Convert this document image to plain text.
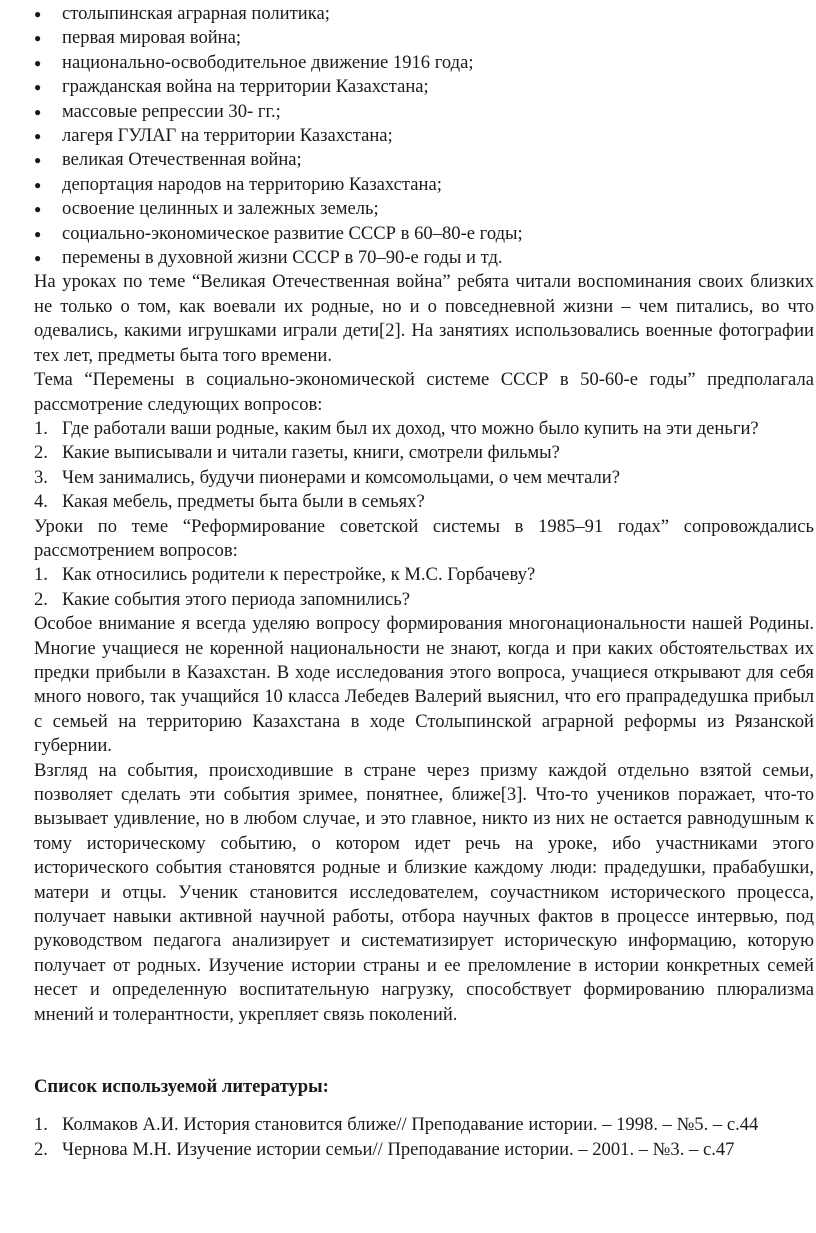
● столыпинская аграрная политика;
● первая мировая война;
● национально-освободительное движение 1916 года;
● гражданская война на территории Казахстана;
● массовые репрессии 30- гг.;
● лагеря ГУЛАГ на территории Казахстана;
● великая Отечественная война;
● депортация народов на территорию Казахстана;
● освоение целинных и залежных земель;
● социально-экономическое развитие СССР в 60–80-е годы;
● перемены в духовной жизни СССР в 70–90-е годы и тд.

На уроках по теме “Великая Отечественная война” ребята читали воспоминания своих близких не только о том, как воевали их родные, но и о повседневной жизни – чем питались, во что одевались, какими игрушками играли дети[2]. На занятиях использовались военные фотографии тех лет, предметы быта того времени.

Тема “Перемены в социально-экономической системе СССР в 50-60-е годы” предполагала рассмотрение следующих вопросов:

1. Где работали ваши родные, каким был их доход, что можно было купить на эти деньги?
2. Какие выписывали и читали газеты, книги, смотрели фильмы?
3. Чем занимались, будучи пионерами и комсомольцами, о чем мечтали?
4. Какая мебель, предметы быта были в семьях?

Уроки по теме “Реформирование советской системы в 1985–91 годах” сопровождались рассмотрением вопросов:

1. Как относились родители к перестройке, к М.С. Горбачеву?
2. Какие события этого периода запомнились?

Особое внимание я всегда уделяю вопросу формирования многонациональности нашей Родины. Многие учащиеся не коренной национальности не знают, когда и при каких обстоятельствах их предки прибыли в Казахстан. В ходе исследования этого вопроса, учащиеся открывают для себя много нового, так учащийся 10 класса Лебедев Валерий выяснил, что его прапрадедушка прибыл с семьей на территорию Казахстана в ходе Столыпинской аграрной реформы из Рязанской губернии.

Взгляд на события, происходившие в стране через призму каждой отдельно взятой семьи, позволяет сделать эти события зримее, понятнее, ближе[3]. Что-то учеников поражает, что-то вызывает удивление, но в любом случае, и это главное, никто из них не остается равнодушным к тому историческому событию, о котором идет речь на уроке, ибо участниками этого исторического события становятся родные и близкие каждому люди: прадедушки, прабабушки, матери и отцы. Ученик становится исследователем, соучастником исторического процесса, получает навыки активной научной работы, отбора научных фактов в процессе интервью, под руководством педагога анализирует и систематизирует историческую информацию, которую получает от родных. Изучение истории страны и ее преломление в истории конкретных семей несет и определенную воспитательную нагрузку, способствует формированию плюрализма мнений и толерантности, укрепляет связь поколений.

Список используемой литературы:
1. Колмаков А.И. История становится ближе// Преподавание истории. – 1998. – №5. – с.44
2. Чернова М.Н. Изучение истории семьи// Преподавание истории. – 2001. – №3. – с.47
